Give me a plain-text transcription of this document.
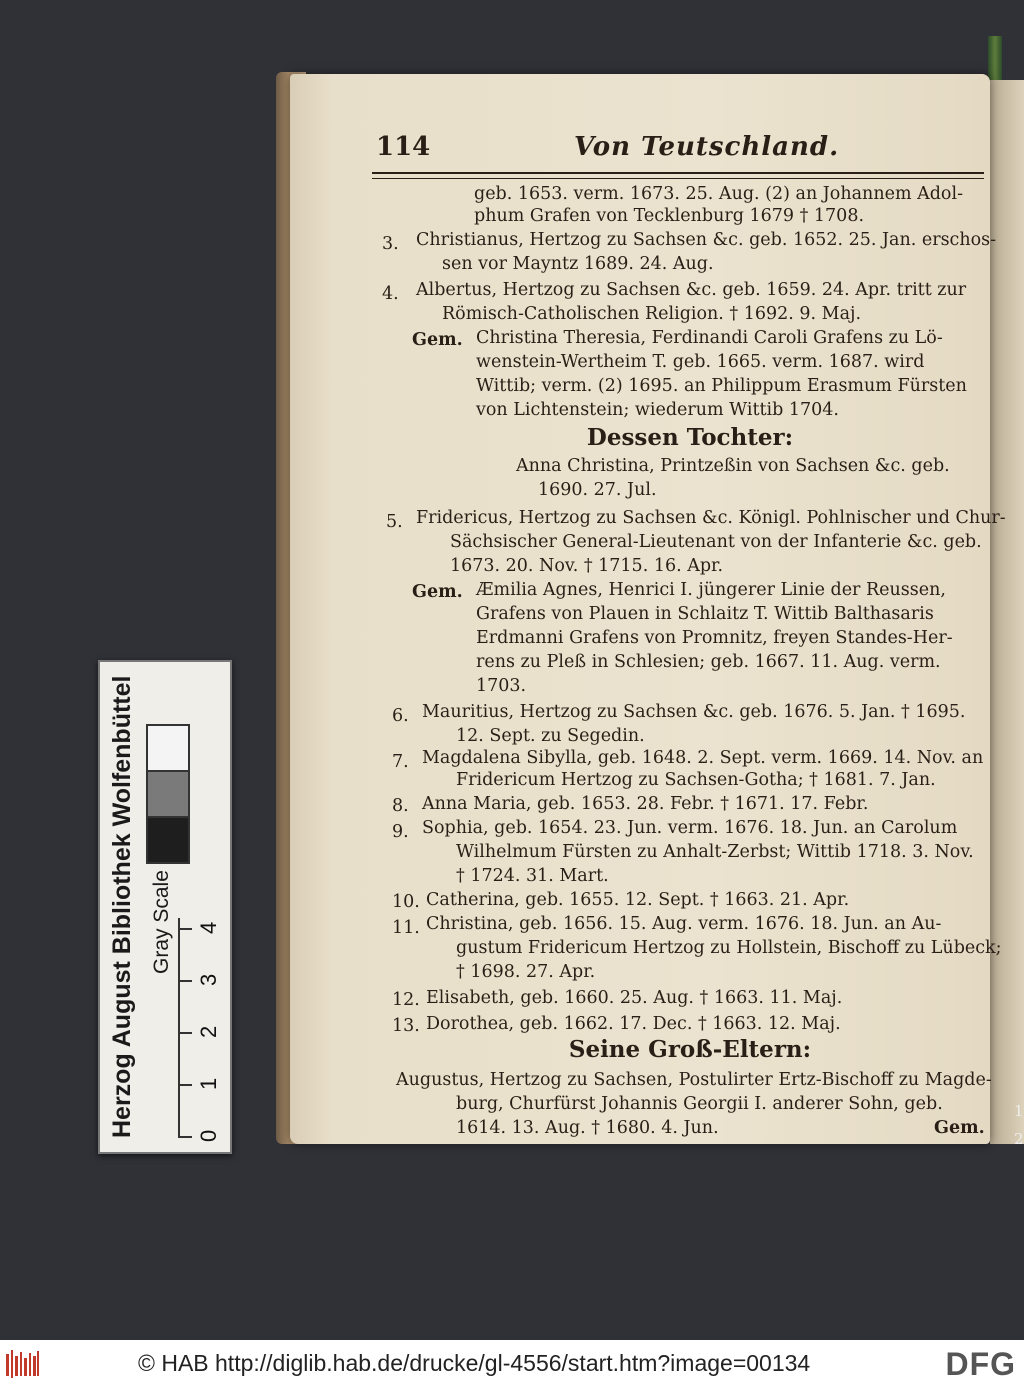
114	Von Teutschland.
geb. 1653. verm. 1673. 25. Aug. (2) an Johannem Adol-
phum Grafen von Tecklenburg 1679 † 1708.
3. Christianus, Hertzog zu Sachsen &c. geb. 1652. 25. Jan. erschos-
sen vor Mayntz 1689. 24. Aug.
4. Albertus, Hertzog zu Sachsen &c. geb. 1659. 24. Apr. tritt zur
Römisch-Catholischen Religion. † 1692. 9. Maj.
Gem. Christina Theresia, Ferdinandi Caroli Grafens zu Lö-
wenstein-Wertheim T. geb. 1665. verm. 1687. wird
Wittib; verm. (2) 1695. an Philippum Erasmum Fürsten
von Lichtenstein; wiederum Wittib 1704.
Dessen Tochter:
Anna Christina, Printzeßin von Sachsen &c. geb.
1690. 27. Jul.
5. Fridericus, Hertzog zu Sachsen &c. Königl. Pohlnischer und Chur-
Sächsischer General-Lieutenant von der Infanterie &c. geb.
1673. 20. Nov. † 1715. 16. Apr.
Gem. Æmilia Agnes, Henrici I. jüngerer Linie der Reussen,
Grafens von Plauen in Schlaitz T. Wittib Balthasaris
Erdmanni Grafens von Promnitz, freyen Standes-Her-
rens zu Pleß in Schlesien; geb. 1667. 11. Aug. verm.
1703.
6. Mauritius, Hertzog zu Sachsen &c. geb. 1676. 5. Jan. † 1695.
12. Sept. zu Segedin.
7. Magdalena Sibylla, geb. 1648. 2. Sept. verm. 1669. 14. Nov. an
Fridericum Hertzog zu Sachsen-Gotha; † 1681. 7. Jan.
8. Anna Maria, geb. 1653. 28. Febr. † 1671. 17. Febr.
9. Sophia, geb. 1654. 23. Jun. verm. 1676. 18. Jun. an Carolum
Wilhelmum Fürsten zu Anhalt-Zerbst; Wittib 1718. 3. Nov.
† 1724. 31. Mart.
10. Catherina, geb. 1655. 12. Sept. † 1663. 21. Apr.
11. Christina, geb. 1656. 15. Aug. verm. 1676. 18. Jun. an Au-
gustum Fridericum Hertzog zu Hollstein, Bischoff zu Lübeck;
† 1698. 27. Apr.
12. Elisabeth, geb. 1660. 25. Aug. † 1663. 11. Maj.
13. Dorothea, geb. 1662. 17. Dec. † 1663. 12. Maj.
Seine Groß-Eltern:
Augustus, Hertzog zu Sachsen, Postulirter Ertz-Bischoff zu Magde-
burg, Churfürst Johannis Georgii I. anderer Sohn, geb.
1614. 13. Aug. † 1680. 4. Jun.	Gem.
1
2
Herzog August Bibliothek Wolfenbüttel Gray Scale
0
1
2
3
4
© HAB http://diglib.hab.de/drucke/gl-4556/start.htm?image=00134	DFG
